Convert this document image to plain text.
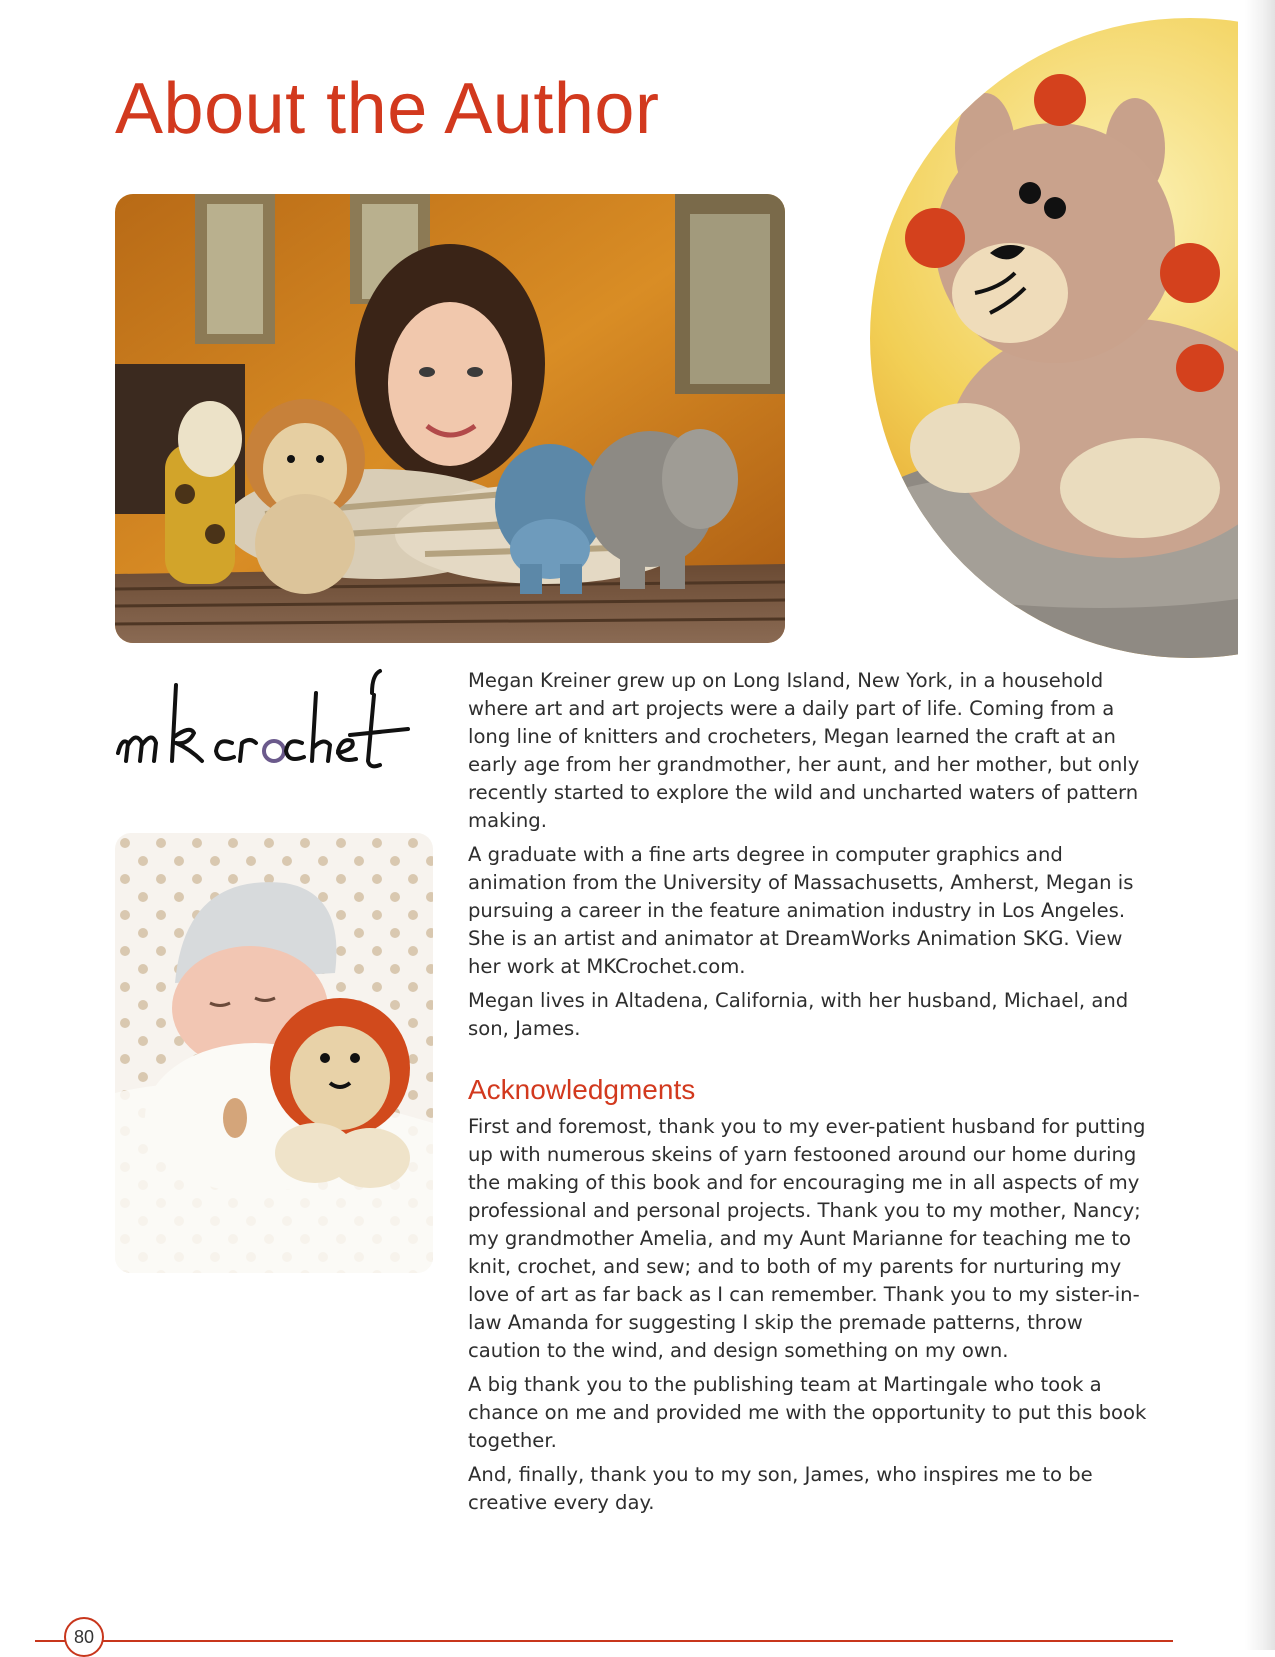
About the Author

Megan Kreiner grew up on Long Island, New York, in a household where art and art projects were a daily part of life. Coming from a long line of knitters and crocheters, Megan learned the craft at an early age from her grandmother, her aunt, and her mother, but only recently started to explore the wild and uncharted waters of pattern making.

A graduate with a fine arts degree in computer graphics and animation from the University of Massachusetts, Amherst, Megan is pursuing a career in the feature animation industry in Los Angeles. She is an artist and animator at DreamWorks Animation SKG. View her work at MKCrochet.com.

Megan lives in Altadena, California, with her husband, Michael, and son, James.

Acknowledgments

First and foremost, thank you to my ever-patient husband for putting up with numerous skeins of yarn festooned around our home during the making of this book and for encouraging me in all aspects of my professional and personal projects. Thank you to my mother, Nancy; my grandmother Amelia, and my Aunt Marianne for teaching me to knit, crochet, and sew; and to both of my parents for nurturing my love of art as far back as I can remember. Thank you to my sister-in-law Amanda for suggesting I skip the premade patterns, throw caution to the wind, and design something on my own.

A big thank you to the publishing team at Martingale who took a chance on me and provided me with the opportunity to put this book together.

And, finally, thank you to my son, James, who inspires me to be creative every day.

80
